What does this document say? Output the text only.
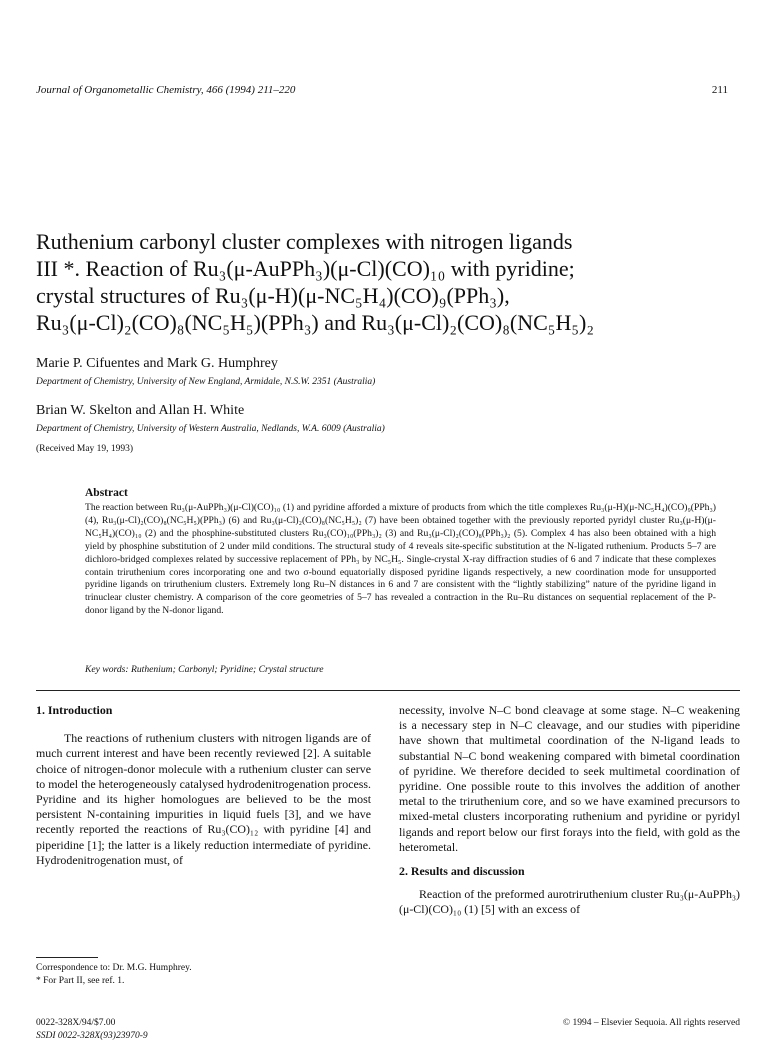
Journal of Organometallic Chemistry, 466 (1994) 211–220	211
Ruthenium carbonyl cluster complexes with nitrogen ligands
III *. Reaction of Ru₃(μ-AuPPh₃)(μ-Cl)(CO)₁₀ with pyridine;
crystal structures of Ru₃(μ-H)(μ-NC₅H₄)(CO)₉(PPh₃),
Ru₃(μ-Cl)₂(CO)₈(NC₅H₅)(PPh₃) and Ru₃(μ-Cl)₂(CO)₈(NC₅H₅)₂
Marie P. Cifuentes and Mark G. Humphrey
Department of Chemistry, University of New England, Armidale, N.S.W. 2351 (Australia)
Brian W. Skelton and Allan H. White
Department of Chemistry, University of Western Australia, Nedlands, W.A. 6009 (Australia)
(Received May 19, 1993)
Abstract
The reaction between Ru₃(μ-AuPPh₃)(μ-Cl)(CO)₁₀ (1) and pyridine afforded a mixture of products from which the title complexes Ru₃(μ-H)(μ-NC₅H₄)(CO)₉(PPh₃) (4), Ru₃(μ-Cl)₂(CO)₈(NC₅H₅)(PPh₃) (6) and Ru₃(μ-Cl)₂(CO)₈(NC₅H₅)₂ (7) have been obtained together with the previously reported pyridyl cluster Ru₃(μ-H)(μ-NC₅H₄)(CO)₁₀ (2) and the phosphine-substituted clusters Ru₃(CO)₁₀(PPh₃)₂ (3) and Ru₃(μ-Cl)₂(CO)₈(PPh₃)₂ (5). Complex 4 has also been obtained with a high yield by phosphine substitution of 2 under mild conditions. The structural study of 4 reveals site-specific substitution at the N-ligated ruthenium. Products 5–7 are dichloro-bridged complexes related by successive replacement of PPh₃ by NC₅H₅. Single-crystal X-ray diffraction studies of 6 and 7 indicate that these complexes contain triruthenium cores incorporating one and two σ-bound equatorially disposed pyridine ligands respectively, a new coordination mode for unsupported pyridine ligands on triruthenium clusters. Extremely long Ru–N distances in 6 and 7 are consistent with the “lightly stabilizing” nature of the pyridine ligand in trinuclear cluster chemistry. A comparison of the core geometries of 5–7 has revealed a contraction in the Ru–Ru distances on sequential replacement of the P-donor ligand by the N-donor ligand.
Key words: Ruthenium; Carbonyl; Pyridine; Crystal structure

1. Introduction

The reactions of ruthenium clusters with nitrogen ligands are of much current interest and have been recently reviewed [2]. A suitable choice of nitrogen-donor molecule with a ruthenium cluster can serve to model the heterogeneously catalysed hydrodenitrogenation process. Pyridine and its higher homologues are believed to be the most persistent N-containing impurities in liquid fuels [3], and we have recently reported the reactions of Ru₃(CO)₁₂ with pyridine [4] and piperidine [1]; the latter is a likely reduction intermediate of pyridine. Hydrodenitrogenation must, of

Correspondence to: Dr. M.G. Humphrey.
* For Part II, see ref. 1.

necessity, involve N–C bond cleavage at some stage. N–C weakening is a necessary step in N–C cleavage, and our studies with piperidine have shown that multimetal coordination of the N-ligand leads to substantial N–C bond weakening compared with bimetal coordination of pyridine. We therefore decided to seek multimetal coordination of pyridine. One possible route to this involves the addition of another metal to the triruthenium core, and so we have examined precursors to mixed-metal clusters incorporating ruthenium and pyridine or pyridyl ligands and report below our first forays into the field, with gold as the heterometal.

2. Results and discussion

Reaction of the preformed aurotriruthenium cluster Ru₃(μ-AuPPh₃)(μ-Cl)(CO)₁₀ (1) [5] with an excess of

0022-328X/94/$7.00
SSDI 0022-328X(93)23970-9
© 1994 – Elsevier Sequoia. All rights reserved
